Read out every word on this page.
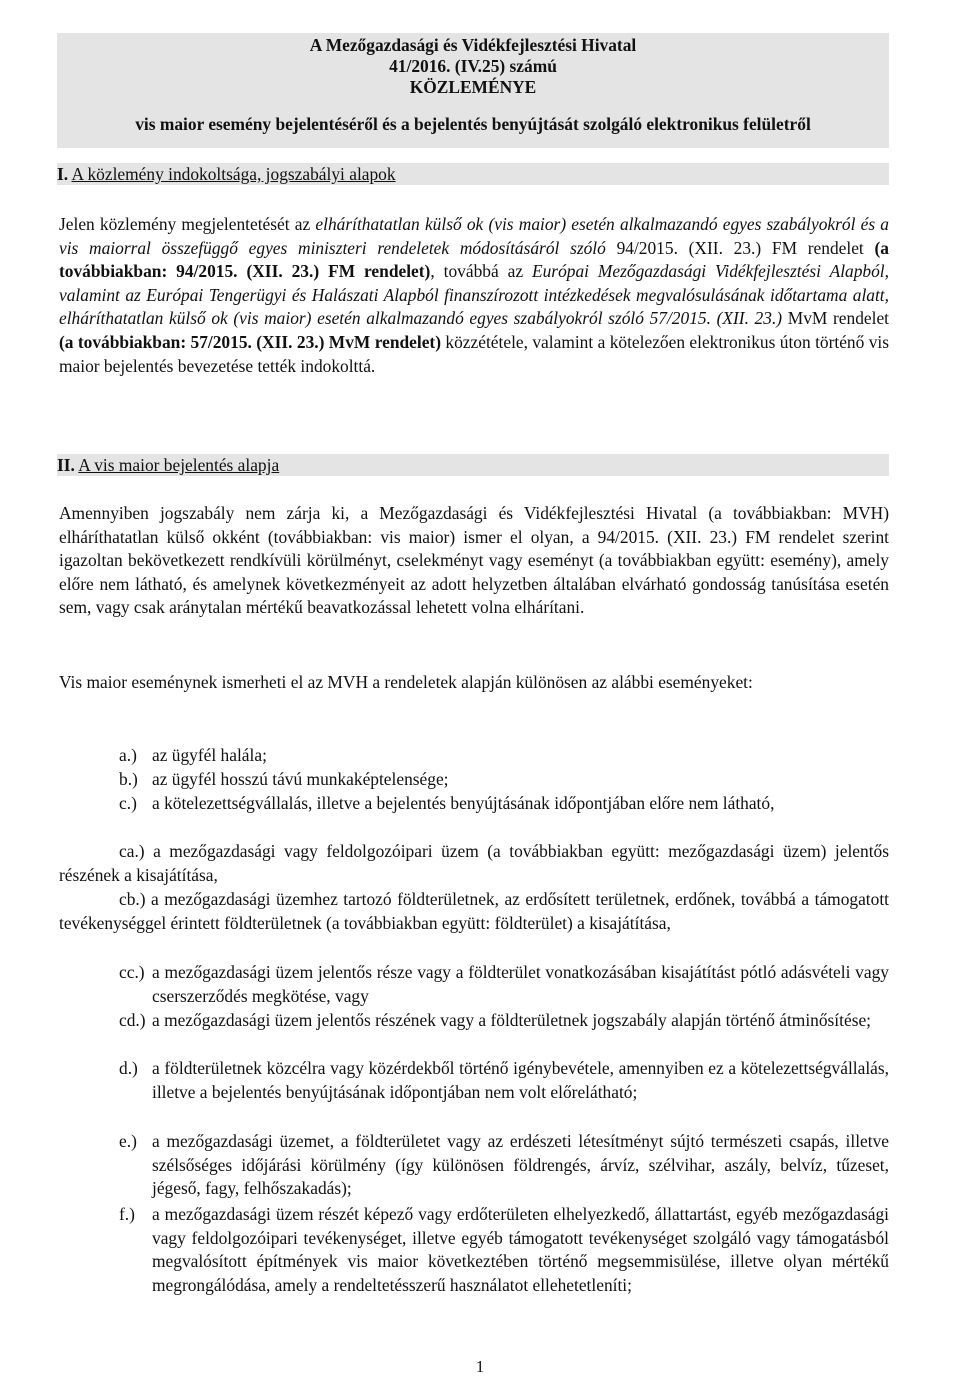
A Mezőgazdasági és Vidékfejlesztési Hivatal
41/2016. (IV.25) számú
KÖZLEMÉNYE
vis maior esemény bejelentéséről és a bejelentés benyújtását szolgáló elektronikus felületről
I. A közlemény indokoltsága, jogszabályi alapok
Jelen közlemény megjelentetését az elháríthatatlan külső ok (vis maior) esetén alkalmazandó egyes szabályokról és a vis maiorral összefüggő egyes miniszteri rendeletek módosításáról szóló 94/2015. (XII. 23.) FM rendelet (a továbbiakban: 94/2015. (XII. 23.) FM rendelet), továbbá az Európai Mezőgazdasági Vidékfejlesztési Alapból, valamint az Európai Tengerügyi és Halászati Alapból finanszírozott intézkedések megvalósulásának időtartama alatt, elháríthatatlan külső ok (vis maior) esetén alkalmazandó egyes szabályokról szóló 57/2015. (XII. 23.) MvM rendelet (a továbbiakban: 57/2015. (XII. 23.) MvM rendelet) közzététele, valamint a kötelezően elektronikus úton történő vis maior bejelentés bevezetése tették indokolttá.
II. A vis maior bejelentés alapja
Amennyiben jogszabály nem zárja ki, a Mezőgazdasági és Vidékfejlesztési Hivatal (a továbbiakban: MVH) elháríthatatlan külső okként (továbbiakban: vis maior) ismer el olyan, a 94/2015. (XII. 23.) FM rendelet szerint igazoltan bekövetkezett rendkívüli körülményt, cselekményt vagy eseményt (a továbbiakban együtt: esemény), amely előre nem látható, és amelynek következményeit az adott helyzetben általában elvárható gondosság tanúsítása esetén sem, vagy csak aránytalan mértékű beavatkozással lehetett volna elhárítani.
Vis maior eseménynek ismerheti el az MVH a rendeletek alapján különösen az alábbi eseményeket:
a.) az ügyfél halála;
b.) az ügyfél hosszú távú munkaképtelensége;
c.) a kötelezettségvállalás, illetve a bejelentés benyújtásának időpontjában előre nem látható,
ca.) a mezőgazdasági vagy feldolgozóipari üzem (a továbbiakban együtt: mezőgazdasági üzem) jelentős részének a kisajátítása,
cb.) a mezőgazdasági üzemhez tartozó földterületnek, az erdősített területnek, erdőnek, továbbá a támogatott tevékenységgel érintett földterületnek (a továbbiakban együtt: földterület) a kisajátítása,
cc.) a mezőgazdasági üzem jelentős része vagy a földterület vonatkozásában kisajátítást pótló adásvételi vagy cserszerződés megkötése, vagy
cd.) a mezőgazdasági üzem jelentős részének vagy a földterületnek jogszabály alapján történő átminősítése;
d.) a földterületnek közcélra vagy közérdekből történő igénybevétele, amennyiben ez a kötelezettségvállalás, illetve a bejelentés benyújtásának időpontjában nem volt előrelátható;
e.) a mezőgazdasági üzemet, a földterületet vagy az erdészeti létesítményt sújtó természeti csapás, illetve szélsőséges időjárási körülmény (így különösen földrengés, árvíz, szélvihar, aszály, belvíz, tűzeset, jégeső, fagy, felhőszakadás);
f.) a mezőgazdasági üzem részét képező vagy erdőterületen elhelyezkedő, állattartást, egyéb mezőgazdasági vagy feldolgozóipari tevékenységet, illetve egyéb támogatott tevékenységet szolgáló vagy támogatásból megvalósított építmények vis maior következtében történő megsemmisülése, illetve olyan mértékű megrongálódása, amely a rendeltetésszerű használatot ellehetetleníti;
1
